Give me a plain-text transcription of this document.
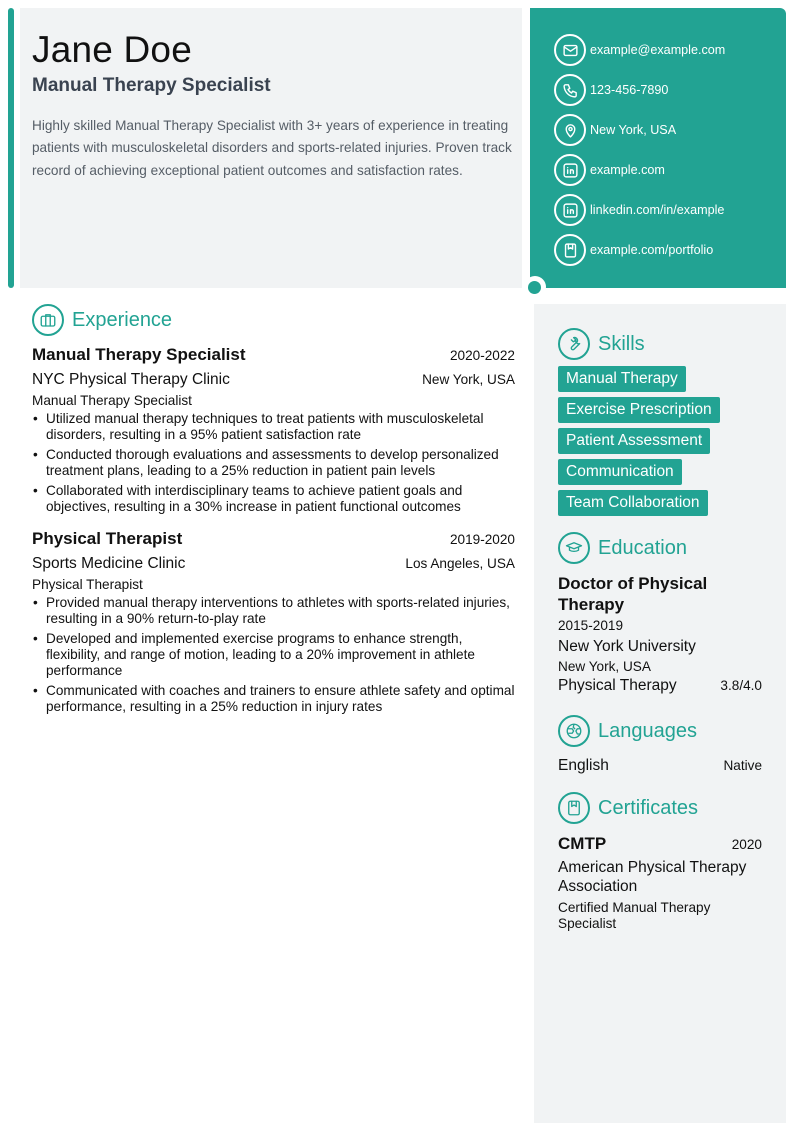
Jane Doe
Manual Therapy Specialist

Highly skilled Manual Therapy Specialist with 3+ years of experience in treating patients with musculoskeletal disorders and sports-related injuries. Proven track record of achieving exceptional patient outcomes and satisfaction rates.

example@example.com
123-456-7890
New York, USA
example.com
linkedin.com/in/example
example.com/portfolio
Experience
Manual Therapy Specialist	2020-2022
NYC Physical Therapy Clinic	New York, USA
Manual Therapy Specialist
• Utilized manual therapy techniques to treat patients with musculoskeletal disorders, resulting in a 95% patient satisfaction rate
• Conducted thorough evaluations and assessments to develop personalized treatment plans, leading to a 25% reduction in patient pain levels
• Collaborated with interdisciplinary teams to achieve patient goals and objectives, resulting in a 30% increase in patient functional outcomes
Physical Therapist	2019-2020
Sports Medicine Clinic	Los Angeles, USA
Physical Therapist
• Provided manual therapy interventions to athletes with sports-related injuries, resulting in a 90% return-to-play rate
• Developed and implemented exercise programs to enhance strength, flexibility, and range of motion, leading to a 20% improvement in athlete performance
• Communicated with coaches and trainers to ensure athlete safety and optimal performance, resulting in a 25% reduction in injury rates
Skills
Manual Therapy
Exercise Prescription
Patient Assessment
Communication
Team Collaboration
Education
Doctor of Physical Therapy
2015-2019
New York University
New York, USA
Physical Therapy	3.8/4.0
Languages
English	Native
Certificates
CMTP	2020
American Physical Therapy Association
Certified Manual Therapy Specialist
